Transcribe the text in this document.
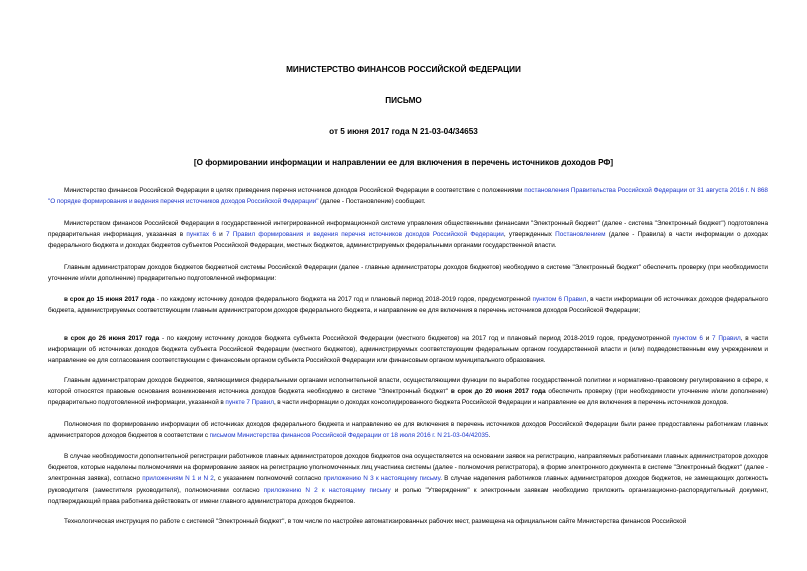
МИНИСТЕРСТВО ФИНАНСОВ РОССИЙСКОЙ ФЕДЕРАЦИИ
ПИСЬМО
от 5 июня 2017 года N 21-03-04/34653
[О формировании информации и направлении ее для включения в перечень источников доходов РФ]
Министерство финансов Российской Федерации в целях приведения перечня источников доходов Российской Федерации в соответствие с положениями постановления Правительства Российской Федерации от 31 августа 2016 г. N 868 "О порядке формирования и ведения перечня источников доходов Российской Федерации" (далее - Постановление) сообщает.
Министерством финансов Российской Федерации в государственной интегрированной информационной системе управления общественными финансами "Электронный бюджет" (далее - система "Электронный бюджет") подготовлена предварительная информация, указанная в пунктах 6 и 7 Правил формирования и ведения перечня источников доходов Российской Федерации, утвержденных Постановлением (далее - Правила) в части информации о доходах федерального бюджета и доходах бюджетов субъектов Российской Федерации, местных бюджетов, администрируемых федеральными органами государственной власти.
Главным администраторам доходов бюджетов бюджетной системы Российской Федерации (далее - главные администраторы доходов бюджетов) необходимо в системе "Электронный бюджет" обеспечить проверку (при необходимости уточнение и/или дополнение) предварительно подготовленной информации:
в срок до 15 июня 2017 года - по каждому источнику доходов федерального бюджета на 2017 год и плановый период 2018-2019 годов, предусмотренной пунктом 6 Правил, в части информации об источниках доходов федерального бюджета, администрируемых соответствующим главным администратором доходов федерального бюджета, и направление ее для включения в перечень источников доходов Российской Федерации;
в срок до 26 июня 2017 года - по каждому источнику доходов бюджета субъекта Российской Федерации (местного бюджетов) на 2017 год и плановый период 2018-2019 годов, предусмотренной пунктом 6 и 7 Правил, в части информации об источниках доходов бюджета субъекта Российской Федерации (местного бюджетов), администрируемых соответствующим федеральным органом государственной власти и (или) подведомственным ему учреждением и направление ее для согласования соответствующим с финансовым органом субъекта Российской Федерации или финансовым органом муниципального образования.
Главным администраторам доходов бюджетов, являющимися федеральными органами исполнительной власти, осуществляющими функции по выработке государственной политики и нормативно-правовому регулированию в сфере, к которой относятся правовые основания возникновения источника доходов бюджета необходимо в системе "Электронный бюджет" в срок до 20 июня 2017 года обеспечить проверку (при необходимости уточнение и/или дополнение) предварительно подготовленной информации, указанной в пункте 7 Правил, в части информации о доходах консолидированного бюджета Российской Федерации и направление ее для включения в перечень источников доходов.
Полномочия по формированию информации об источниках доходов федерального бюджета и направлению ее для включения в перечень источников доходов Российской Федерации были ранее предоставлены работникам главных администраторов доходов бюджетов в соответствии с письмом Министерства финансов Российской Федерации от 18 июля 2016 г. N 21-03-04/42035.
В случае необходимости дополнительной регистрации работников главных администраторов доходов бюджетов она осуществляется на основании заявок на регистрацию, направляемых работниками главных администраторов доходов бюджетов, которые наделены полномочиями на формирование заявок на регистрацию уполномоченных лиц участника системы (далее - полномочия регистратора), в форме электронного документа в системе "Электронный бюджет" (далее - электронная заявка), согласно приложениям N 1 и N 2, с указанием полномочий согласно приложению N 3 к настоящему письму. В случае наделения работников главных администраторов доходов бюджетов, не замещающих должность руководителя (заместителя руководителя), полномочиями согласно приложению N 2 к настоящему письму и ролью "Утверждение" к электронным заявкам необходимо приложить организационно-распорядительный документ, подтверждающий права работника действовать от имени главного администратора доходов бюджетов.
Технологическая инструкция по работе с системой "Электронный бюджет", в том числе по настройке автоматизированных рабочих мест, размещена на официальном сайте Министерства финансов Российской
